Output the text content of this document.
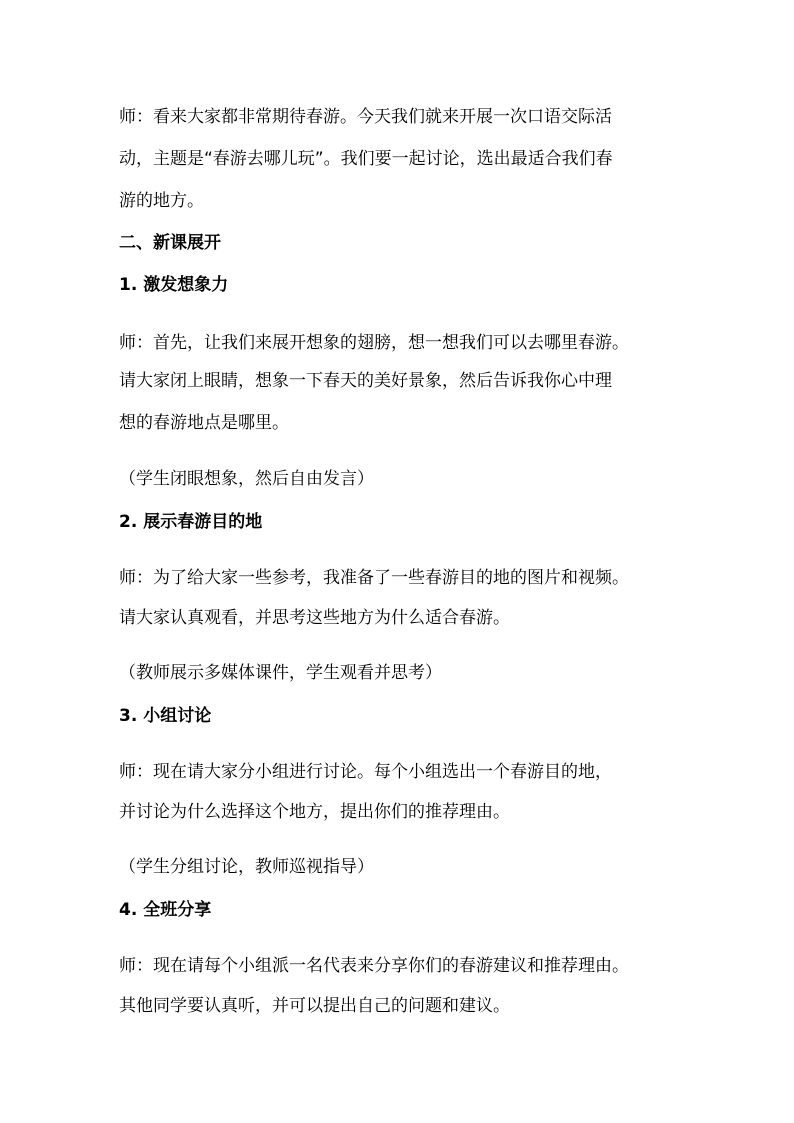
师：看来大家都非常期待春游。今天我们就来开展一次口语交际活
动，主题是“春游去哪儿玩”。我们要一起讨论，选出最适合我们春
游的地方。
二、新课展开
1. 激发想象力
师：首先，让我们来展开想象的翅膀，想一想我们可以去哪里春游。
请大家闭上眼睛，想象一下春天的美好景象，然后告诉我你心中理
想的春游地点是哪里。
（学生闭眼想象，然后自由发言）
2. 展示春游目的地
师：为了给大家一些参考，我准备了一些春游目的地的图片和视频。
请大家认真观看，并思考这些地方为什么适合春游。
（教师展示多媒体课件，学生观看并思考）
3. 小组讨论
师：现在请大家分小组进行讨论。每个小组选出一个春游目的地，
并讨论为什么选择这个地方，提出你们的推荐理由。
（学生分组讨论，教师巡视指导）
4. 全班分享
师：现在请每个小组派一名代表来分享你们的春游建议和推荐理由。
其他同学要认真听，并可以提出自己的问题和建议。
